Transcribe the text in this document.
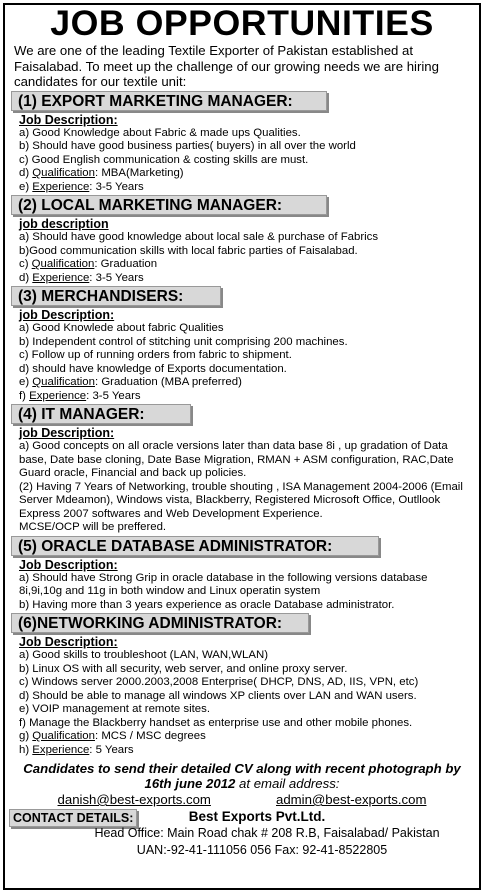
JOB OPPORTUNITIES
We are one of the leading Textile Exporter of Pakistan established at Faisalabad. To meet up the challenge of our growing needs we are hiring candidates for our textile unit:
(1) EXPORT MARKETING MANAGER:
Job Description:
a) Good Knowledge about Fabric & made ups Qualities.
b) Should have good business parties( buyers) in all over the world
c) Good English communication & costing skills are must.
d) Qualification: MBA(Marketing)
e) Experience: 3-5 Years
(2) LOCAL MARKETING MANAGER:
job description
a) Should have good knowledge about local sale & purchase of Fabrics
b)Good communication skills with local fabric parties of Faisalabad.
c) Qualification: Graduation
d) Experience: 3-5 Years
(3) MERCHANDISERS:
job Description:
a) Good Knowlede about fabric Qualities
b) Independent control of stitching unit comprising 200 machines.
c) Follow up of running orders from fabric to shipment.
d) should have knowledge of Exports documentation.
e) Qualification: Graduation (MBA preferred)
f) Experience: 3-5 Years
(4) IT MANAGER:
job Description:
a) Good concepts on all oracle versions later than data base 8i , up gradation of Data base, Date base cloning, Date Base Migration, RMAN + ASM configuration, RAC,Date Guard oracle, Financial and back up policies.
(2) Having 7 Years of Networking, trouble shouting , ISA Management 2004-2006 (Email Server Mdeamon), Windows vista, Blackberry, Registered Microsoft Office, Outllook Express 2007 softwares and Web Development Experience.
MCSE/OCP will be preffered.
(5) ORACLE DATABASE ADMINISTRATOR:
Job Description:
a) Should have Strong Grip in oracle database in the following versions database 8i,9i,10g and 11g in both window and Linux operatin system
b) Having more than 3 years experience as oracle Database administrator.
(6)NETWORKING ADMINISTRATOR:
Job Description:
a) Good skills to troubleshoot (LAN, WAN,WLAN)
b) Linux OS with all security, web server, and online proxy server.
c) Windows server 2000.2003,2008 Enterprise( DHCP, DNS, AD, IIS, VPN, etc)
d) Should be able to manage all windows XP clients over LAN and WAN users.
e) VOIP management at remote sites.
f) Manage the Blackberry handset as enterprise use and other mobile phones.
g) Qualification: MCS / MSC degrees
h) Experience: 5 Years
Candidates to send their detailed CV along with recent photograph by
16th june 2012 at email address:
danish@best-exports.com	admin@best-exports.com
Best Exports Pvt.Ltd.
CONTACT DETAILS:
Head Office: Main Road chak # 208 R.B, Faisalabad/ Pakistan
UAN:-92-41-111056 056 Fax: 92-41-8522805
